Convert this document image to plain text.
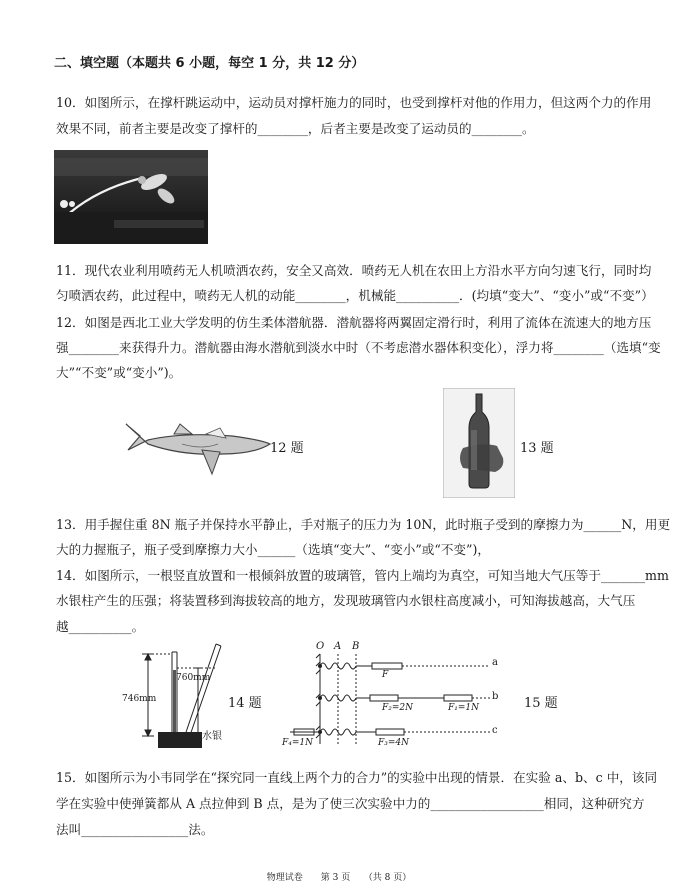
二、填空题（本题共 6 小题，每空 1 分，共 12 分）
10．如图所示，在撑杆跳运动中，运动员对撑杆施力的同时，也受到撑杆对他的作用力，但这两个力的作用
效果不同，前者主要是改变了撑杆的________，后者主要是改变了运动员的________。
11．现代农业利用喷药无人机喷洒农药，安全又高效．喷药无人机在农田上方沿水平方向匀速飞行，同时均
匀喷洒农药，此过程中，喷药无人机的动能________，机械能__________．(均填“变大”、“变小”或“不变”）
12．如图是西北工业大学发明的仿生柔体潜航器．潜航器将两翼固定滑行时，利用了流体在流速大的地方压
强________来获得升力。潜航器由海水潜航到淡水中时（不考虑潜水器体积变化），浮力将________（选填“变
大”“不变”或“变小”)。
12 题	13 题
13．用手握住重 8N 瓶子并保持水平静止，手对瓶子的压力为 10N，此时瓶子受到的摩擦力为______N，用更
大的力握瓶子，瓶子受到摩擦力大小______（选填“变大”、“变小”或“不变”)，
14．如图所示，一根竖直放置和一根倾斜放置的玻璃管，管内上端均为真空，可知当地大气压等于_______mm
水银柱产生的压强；将装置移到海拔较高的地方，发现玻璃管内水银柱高度减小，可知海拔越高，大气压
越__________。
746mm
760mm
水银
14 题
O A B
F
F₂=2N	F₁=1N
F₄=1N	F₃=4N
a
b
c
15 题
15．如图所示为小韦同学在“探究同一直线上两个力的合力”的实验中出现的情景．在实验 a、b、c 中，该同
学在实验中使弹簧都从 A 点拉伸到 B 点，是为了使三次实验中力的__________________相同，这种研究方
法叫_________________法。
物理试卷　　第 3 页　　（共 8 页）
